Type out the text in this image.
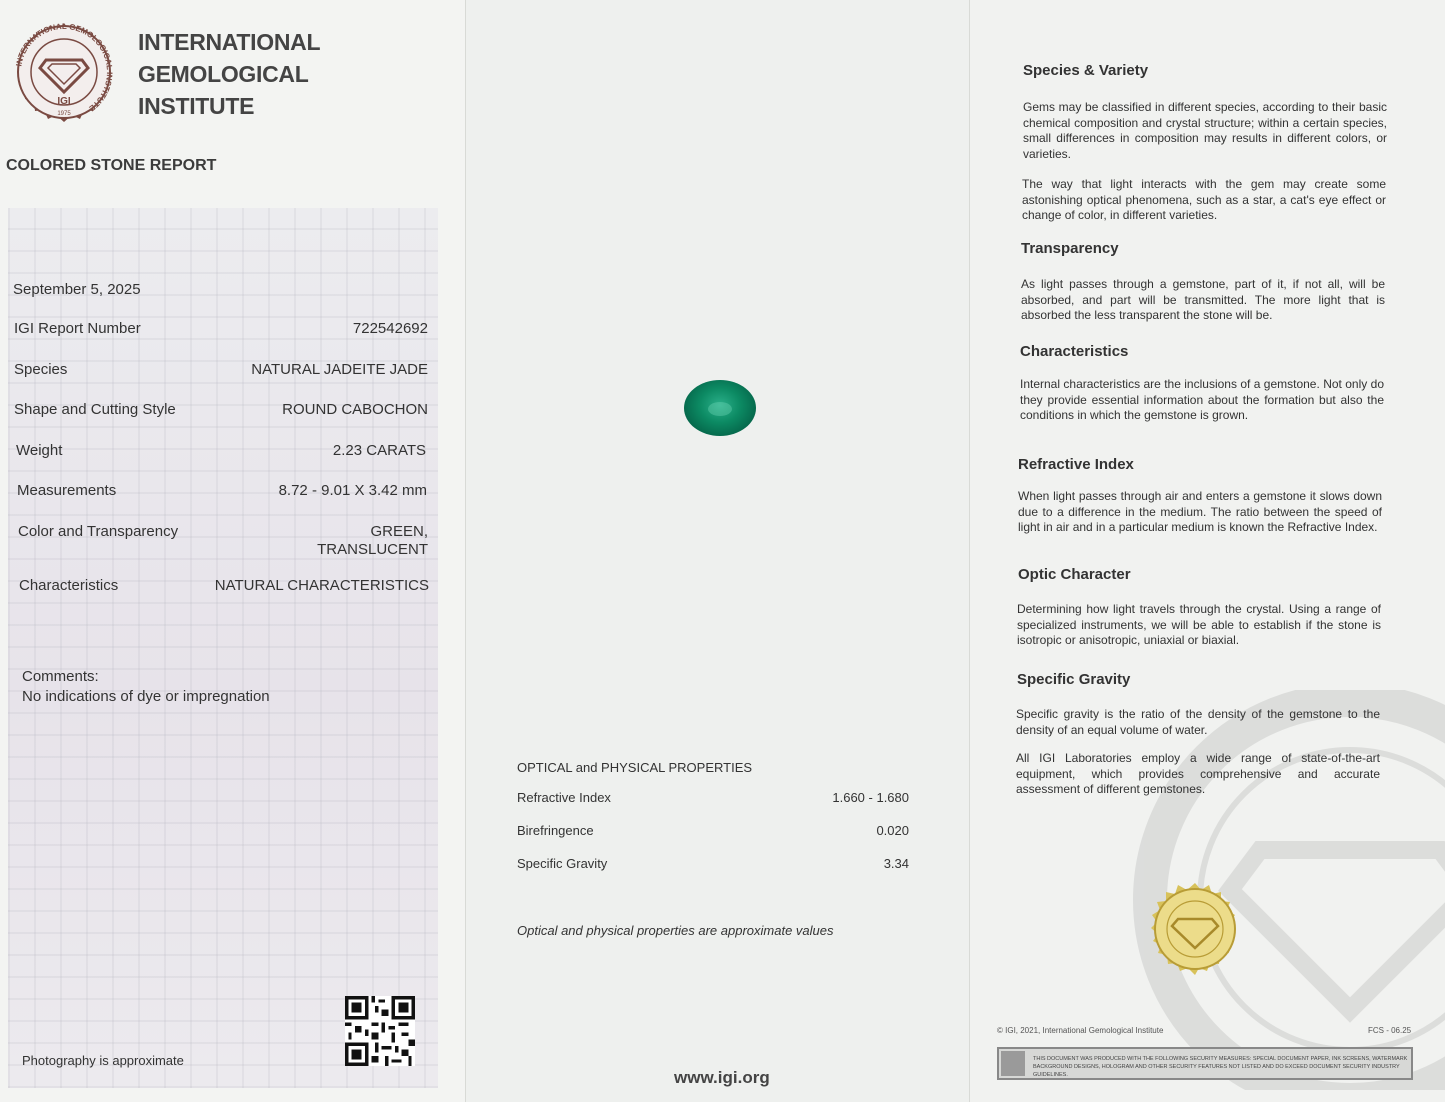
INTERNATIONAL GEMOLOGICAL INSTITUTE
IGI
1975
INTERNATIONAL
GEMOLOGICAL
INSTITUTE
COLORED STONE REPORT
September 5, 2025
IGI Report Number	722542692
Species	NATURAL JADEITE JADE
Shape and Cutting Style	ROUND CABOCHON
Weight	2.23 CARATS
Measurements	8.72 - 9.01 X 3.42 mm
Color and Transparency	GREEN,
TRANSLUCENT
Characteristics	NATURAL CHARACTERISTICS
Comments:
No indications of dye or impregnation
Photography is approximate
OPTICAL and PHYSICAL PROPERTIES
Refractive Index	1.660 - 1.680
Birefringence	0.020
Specific Gravity	3.34
Optical and physical properties are approximate values
www.igi.org
Species & Variety
Gems may be classified in different species, according to their basic chemical composition and crystal structure; within a certain species, small differences in composition may results in different colors, or varieties.
The way that light interacts with the gem may create some astonishing optical phenomena, such as a star, a cat's eye effect or change of color, in different varieties.
Transparency
As light passes through a gemstone, part of it, if not all, will be absorbed, and part will be transmitted. The more light that is absorbed the less transparent the stone will be.
Characteristics
Internal characteristics are the inclusions of a gemstone. Not only do they provide essential information about the formation but also the conditions in which the gemstone is grown.
Refractive Index
When light passes through air and enters a gemstone it slows down due to a difference in the medium. The ratio between the speed of light in air and in a particular medium is known the Refractive Index.
Optic Character
Determining how light travels through the crystal. Using a range of specialized instruments, we will be able to establish if the stone is isotropic or anisotropic, uniaxial or biaxial.
Specific Gravity
Specific gravity is the ratio of the density of the gemstone to the density of an equal volume of water.
All IGI Laboratories employ a wide range of state-of-the-art equipment, which provides comprehensive and accurate assessment of different gemstones.
© IGI, 2021, International Gemological Institute	FCS - 06.25
THIS DOCUMENT WAS PRODUCED WITH THE FOLLOWING SECURITY MEASURES: SPECIAL DOCUMENT PAPER, INK SCREENS, WATERMARK BACKGROUND DESIGNS, HOLOGRAM AND OTHER SECURITY FEATURES NOT LISTED AND DO EXCEED DOCUMENT SECURITY INDUSTRY GUIDELINES.
